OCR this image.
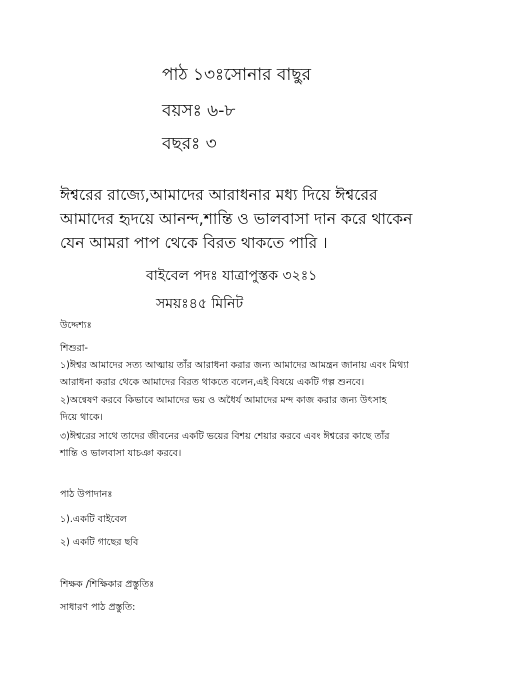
পাঠ ১৩ঃসোনার বাছুর
বয়সঃ ৬-৮
বছরঃ ৩
ঈশ্বরের রাজ্যে,আমাদের আরাধনার মধ্য দিয়ে ঈশ্বরের
আমাদের হৃদয়ে আনন্দ,শান্তি ও ভালবাসা দান করে থাকেন
যেন আমরা পাপ থেকে বিরত থাকতে পারি ।
বাইবেল পদঃ যাত্রাপুস্তক ৩২ঃ১
সময়ঃ৪৫ মিনিট
উদ্দেশ্যঃ
শিশুরা-
১)ঈশ্বর আমাদের সত্য আত্মায় তাঁর আরাধনা করার জন্য আমাদের আমন্ত্রন জানায় এবং মিথ্যা
আরাধনা করার থেকে আমাদের বিরত থাকতে বলেন,এই বিষয়ে একটি গল্প শুনবে।
২)অন্বেষণ করবে কিভাবে আমাদের ভয় ও অধৈর্য আমাদের মন্দ কাজ করার জন্য উৎসাহ
দিয়ে থাকে।
৩)ঈশ্বরের সাথে তাদের জীবনের একটি ভয়ের বিশয় শেয়ার করবে এবং ঈশ্বরের কাছে তাঁর
শান্তি ও ভালবাসা যাচঞা করবে।
পাঠ উপাদানঃ
১).একটি বাইবেল
২) একটি গাছের ছবি
শিক্ষক /শিক্ষিকার প্রস্তুতিঃ
সাধারণ পাঠ প্রস্তুতি:
